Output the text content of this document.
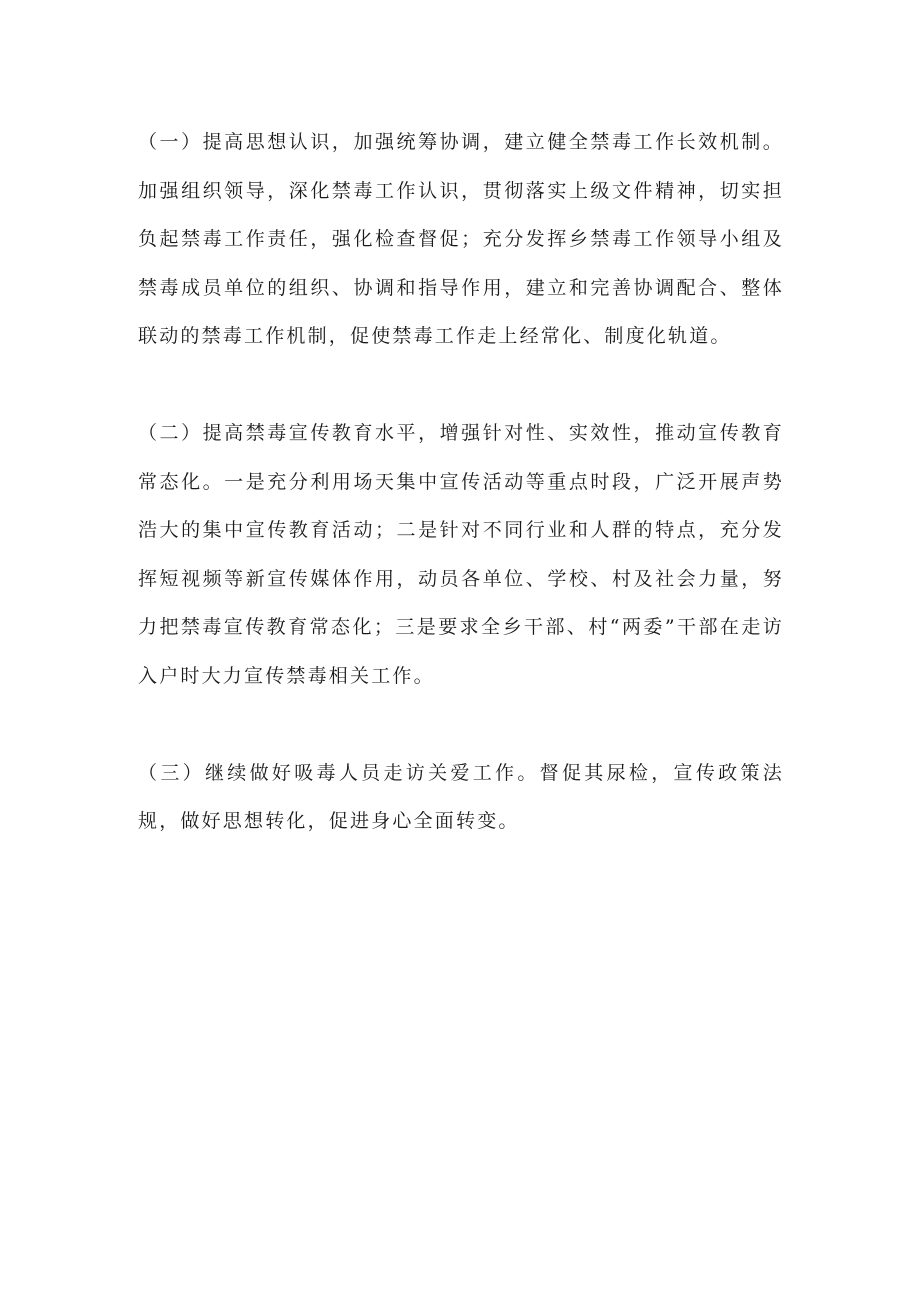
（一）提高思想认识，加强统筹协调，建立健全禁毒工作长效机制。加强组织领导，深化禁毒工作认识，贯彻落实上级文件精神，切实担负起禁毒工作责任，强化检查督促；充分发挥乡禁毒工作领导小组及禁毒成员单位的组织、协调和指导作用，建立和完善协调配合、整体联动的禁毒工作机制，促使禁毒工作走上经常化、制度化轨道。

（二）提高禁毒宣传教育水平，增强针对性、实效性，推动宣传教育常态化。一是充分利用场天集中宣传活动等重点时段，广泛开展声势浩大的集中宣传教育活动；二是针对不同行业和人群的特点，充分发挥短视频等新宣传媒体作用，动员各单位、学校、村及社会力量，努力把禁毒宣传教育常态化；三是要求全乡干部、村“两委”干部在走访入户时大力宣传禁毒相关工作。

（三）继续做好吸毒人员走访关爱工作。督促其尿检，宣传政策法规，做好思想转化，促进身心全面转变。
